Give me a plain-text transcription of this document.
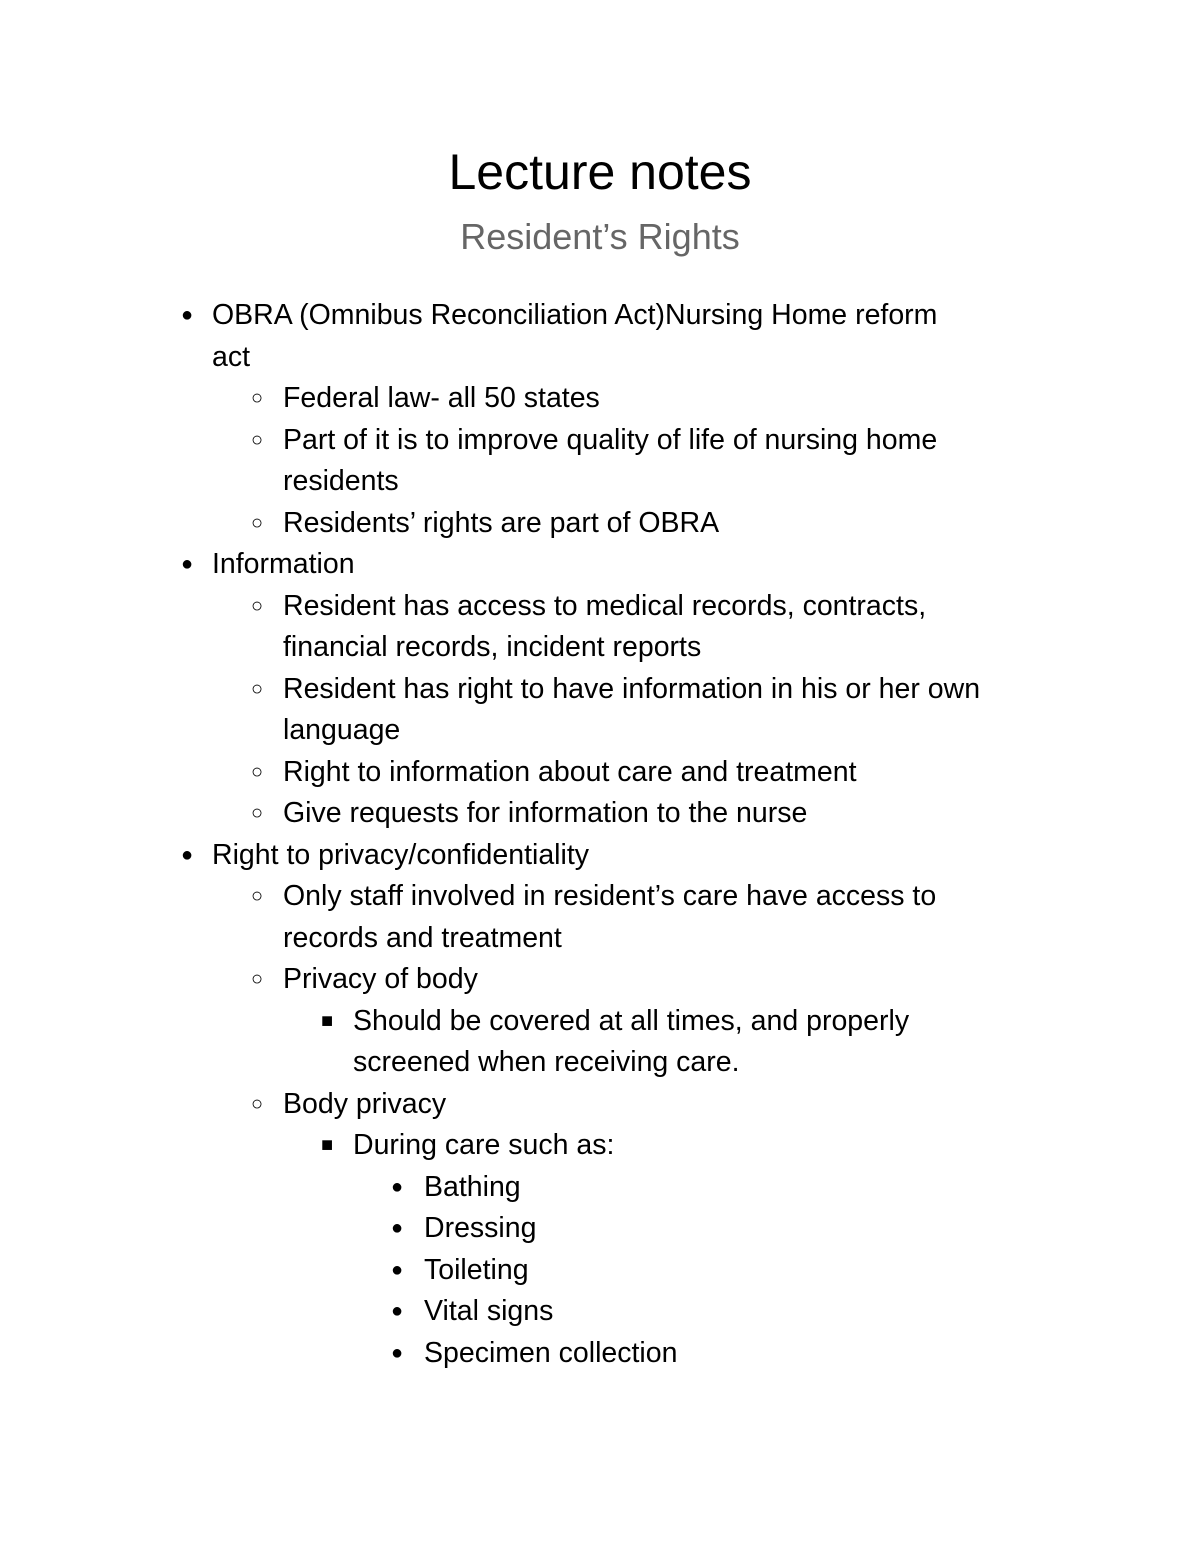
Lecture notes
Resident’s Rights
● OBRA (Omnibus Reconciliation Act)Nursing Home reform
act
○ Federal law- all 50 states
○ Part of it is to improve quality of life of nursing home
residents
○ Residents’ rights are part of OBRA
● Information
○ Resident has access to medical records, contracts,
financial records, incident reports
○ Resident has right to have information in his or her own
language
○ Right to information about care and treatment
○ Give requests for information to the nurse
● Right to privacy/confidentiality
○ Only staff involved in resident’s care have access to
records and treatment
○ Privacy of body
■ Should be covered at all times, and properly
screened when receiving care.
○ Body privacy
■ During care such as:
● Bathing
● Dressing
● Toileting
● Vital signs
● Specimen collection
